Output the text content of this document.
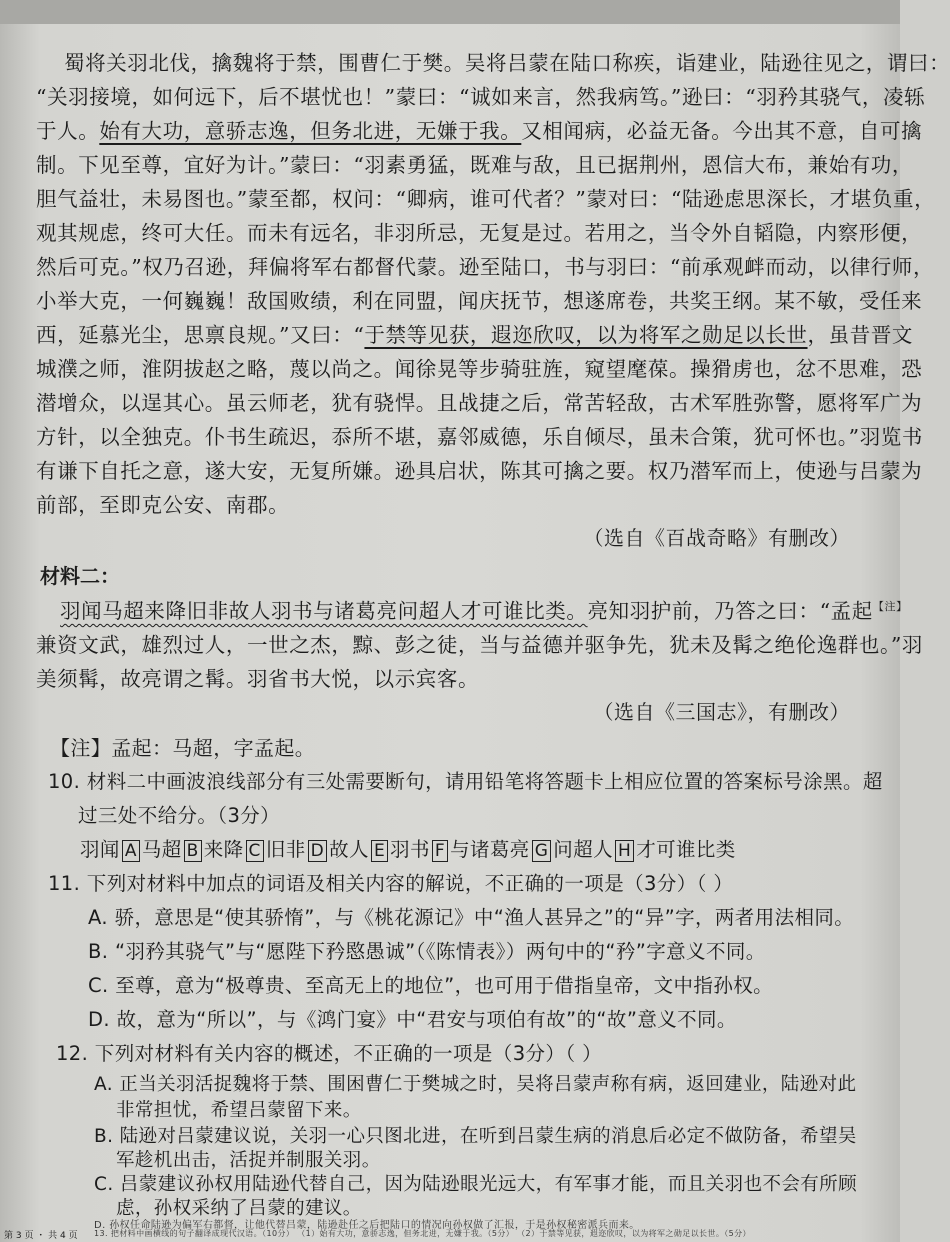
蜀将关羽北伐，擒魏将于禁，围曹仁于樊。吴将吕蒙在陆口称疾，诣建业，陆逊往见之，谓曰：
“关羽接境，如何远下，后不堪忧也！”蒙曰：“诚如来言，然我病笃。”逊曰：“羽矜其骁气，凌轹
于人。始有大功，意骄志逸，但务北进，无嫌于我。又相闻病，必益无备。今出其不意，自可擒
制。下见至尊，宜好为计。”蒙曰：“羽素勇猛，既难与敌，且已据荆州，恩信大布，兼始有功，
胆气益壮，未易图也。”蒙至都，权问：“卿病，谁可代者？”蒙对曰：“陆逊虑思深长，才堪负重，
观其规虑，终可大任。而未有远名，非羽所忌，无复是过。若用之，当令外自韬隐，内察形便，
然后可克。”权乃召逊，拜偏将军右都督代蒙。逊至陆口，书与羽曰：“前承观衅而动，以律行师，
小举大克，一何巍巍！敌国败绩，利在同盟，闻庆抚节，想遂席卷，共奖王纲。某不敏，受任来
西，延慕光尘，思禀良规。”又曰：“于禁等见获，遐迩欣叹，以为将军之勋足以长世，虽昔晋文
城濮之师，淮阴拔赵之略，蔑以尚之。闻徐晃等步骑驻旌，窥望麾葆。操猾虏也，忿不思难，恐
潜增众，以逞其心。虽云师老，犹有骁悍。且战捷之后，常苦轻敌，古术军胜弥警，愿将军广为
方针，以全独克。仆书生疏迟，忝所不堪，嘉邻威德，乐自倾尽，虽未合策，犹可怀也。”羽览书
有谦下自托之意，遂大安，无复所嫌。逊具启状，陈其可擒之要。权乃潜军而上，使逊与吕蒙为
前部，至即克公安、南郡。
（选自《百战奇略》有删改）
材料二：
羽闻马超来降旧非故人羽书与诸葛亮问超人才可谁比类。亮知羽护前，乃答之曰：“孟起$^{【注】}$
兼资文武，雄烈过人，一世之杰，黥、彭之徒，当与益德并驱争先，犹未及髯之绝伦逸群也。”羽
美须髯，故亮谓之髯。羽省书大悦，以示宾客。
（选自《三国志》，有删改）
【注】孟起：马超，字孟起。
10. 材料二中画波浪线部分有三处需要断句，请用铅笔将答题卡上相应位置的答案标号涂黑。超
过三处不给分。（3分）
羽闻 A 马超 B 来降 C 旧非 D 故人 E 羽书 F 与诸葛亮 G 问超人 H 才可谁比类
11. 下列对材料中加点的词语及相关内容的解说，不正确的一项是（3分）（ ）
A. 骄，意思是“使其骄惰”，与《桃花源记》中“渔人甚异之”的“异”字，两者用法相同。
B. “羽矜其骁气”与“愿陛下矜愍愚诚”（《陈情表》）两句中的“矜”字意义不同。
C. 至尊，意为“极尊贵、至高无上的地位”，也可用于借指皇帝，文中指孙权。
D. 故，意为“所以”，与《鸿门宴》中“君安与项伯有故”的“故”意义不同。
12. 下列对材料有关内容的概述，不正确的一项是（3分）（ ）
A. 正当关羽活捉魏将于禁、围困曹仁于樊城之时，吴将吕蒙声称有病，返回建业，陆逊对此
非常担忧，希望吕蒙留下来。
B. 陆逊对吕蒙建议说，关羽一心只图北进，在听到吕蒙生病的消息后必定不做防备，希望吴
军趁机出击，活捉并制服关羽。
C. 吕蒙建议孙权用陆逊代替自己，因为陆逊眼光远大，有军事才能，而且关羽也不会有所顾
虑，孙权采纳了吕蒙的建议。
D. 孙权任命陆逊为偏军右都督，让他代替吕蒙，陆逊赴任之后把陆口的情况向孙权做了汇报，于是孙权秘密派兵而来。
13. 把材料中画横线的句子翻译成现代汉语。（10分） （1）始有大功，意骄志逸，但务北进，无嫌于我。（5分） （2）于禁等见获，遐迩欣叹，以为将军之勋足以长世。（5分）
第 3 页 ・ 共 4 页
